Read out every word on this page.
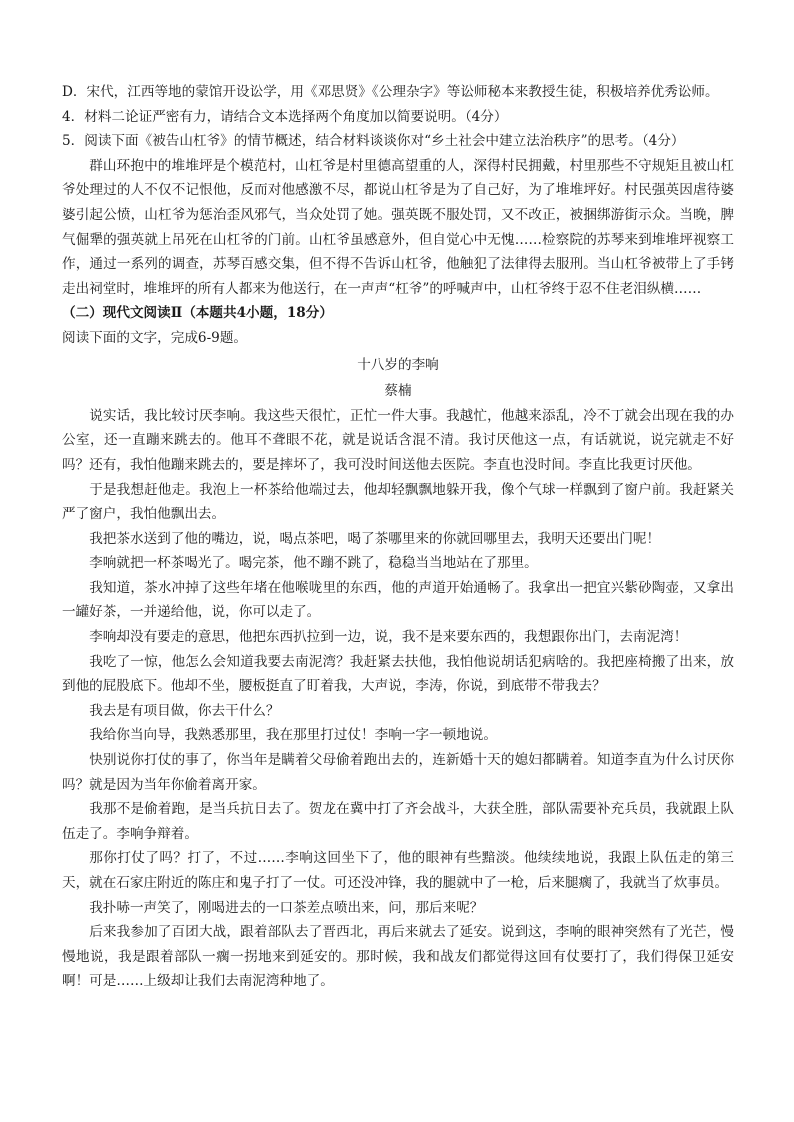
D．宋代，江西等地的蒙馆开设讼学，用《邓思贤》《公理杂字》等讼师秘本来教授生徒，积极培养优秀讼师。

4．材料二论证严密有力，请结合文本选择两个角度加以简要说明。（4分）

5．阅读下面《被告山杠爷》的情节概述，结合材料谈谈你对“乡土社会中建立法治秩序”的思考。（4分）

群山环抱中的堆堆坪是个模范村，山杠爷是村里德高望重的人，深得村民拥戴，村里那些不守规矩且被山杠爷处理过的人不仅不记恨他，反而对他感激不尽，都说山杠爷是为了自己好，为了堆堆坪好。村民强英因虐待婆婆引起公愤，山杠爷为惩治歪风邪气，当众处罚了她。强英既不服处罚，又不改正，被捆绑游街示众。当晚，脾气倔犟的强英就上吊死在山杠爷的门前。山杠爷虽感意外，但自觉心中无愧……检察院的苏琴来到堆堆坪视察工作，通过一系列的调查，苏琴百感交集，但不得不告诉山杠爷，他触犯了法律得去服刑。当山杠爷被带上了手铐走出祠堂时，堆堆坪的所有人都来为他送行，在一声声“杠爷”的呼喊声中，山杠爷终于忍不住老泪纵横……

（二）现代文阅读Ⅱ（本题共4小题，18分）

阅读下面的文字，完成6-9题。

十八岁的李响

蔡楠

说实话，我比较讨厌李响。我这些天很忙，正忙一件大事。我越忙，他越来添乱，冷不丁就会出现在我的办公室，还一直蹦来跳去的。他耳不聋眼不花，就是说话含混不清。我讨厌他这一点，有话就说，说完就走不好吗？还有，我怕他蹦来跳去的，要是摔坏了，我可没时间送他去医院。李直也没时间。李直比我更讨厌他。

于是我想赶他走。我泡上一杯茶给他端过去，他却轻飘飘地躲开我，像个气球一样飘到了窗户前。我赶紧关严了窗户，我怕他飘出去。

我把茶水送到了他的嘴边，说，喝点茶吧，喝了茶哪里来的你就回哪里去，我明天还要出门呢！

李响就把一杯茶喝光了。喝完茶，他不蹦不跳了，稳稳当当地站在了那里。

我知道，茶水冲掉了这些年堵在他喉咙里的东西，他的声道开始通畅了。我拿出一把宜兴紫砂陶壶，又拿出一罐好茶，一并递给他，说，你可以走了。

李响却没有要走的意思，他把东西扒拉到一边，说，我不是来要东西的，我想跟你出门，去南泥湾！

我吃了一惊，他怎么会知道我要去南泥湾？我赶紧去扶他，我怕他说胡话犯病啥的。我把座椅搬了出来，放到他的屁股底下。他却不坐，腰板挺直了盯着我，大声说，李涛，你说，到底带不带我去？

我去是有项目做，你去干什么？

我给你当向导，我熟悉那里，我在那里打过仗！李响一字一顿地说。

快别说你打仗的事了，你当年是瞒着父母偷着跑出去的，连新婚十天的媳妇都瞒着。知道李直为什么讨厌你吗？就是因为当年你偷着离开家。

我那不是偷着跑，是当兵抗日去了。贺龙在冀中打了齐会战斗，大获全胜，部队需要补充兵员，我就跟上队伍走了。李响争辩着。

那你打仗了吗？打了，不过……李响这回坐下了，他的眼神有些黯淡。他续续地说，我跟上队伍走的第三天，就在石家庄附近的陈庄和鬼子打了一仗。可还没冲锋，我的腿就中了一枪，后来腿瘸了，我就当了炊事员。

我扑哧一声笑了，刚喝进去的一口茶差点喷出来，问，那后来呢？

后来我参加了百团大战，跟着部队去了晋西北，再后来就去了延安。说到这，李响的眼神突然有了光芒，慢慢地说，我是跟着部队一瘸一拐地来到延安的。那时候，我和战友们都觉得这回有仗要打了，我们得保卫延安啊！可是……上级却让我们去南泥湾种地了。
